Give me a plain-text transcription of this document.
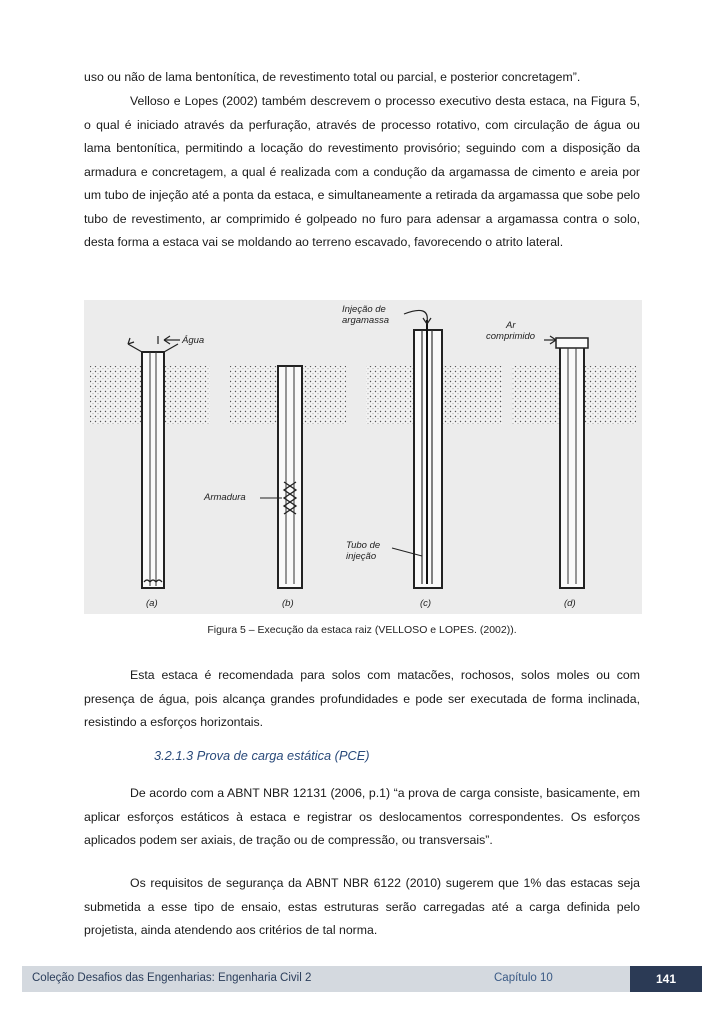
uso ou não de lama bentonítica, de revestimento total ou parcial, e posterior concretagem”.

Velloso e Lopes (2002) também descrevem o processo executivo desta estaca, na Figura 5, o qual é iniciado através da perfuração, através de processo rotativo, com circulação de água ou lama bentonítica, permitindo a locação do revestimento provisório; seguindo com a disposição da armadura e concretagem, a qual é realizada com a condução da argamassa de cimento e areia por um tubo de injeção até a ponta da estaca, e simultaneamente a retirada da argamassa que sobe pelo tubo de revestimento, ar comprimido é golpeado no furo para adensar a argamassa contra o solo, desta forma a estaca vai se moldando ao terreno escavado, favorecendo o atrito lateral.

Água
Armadura
Injeção de
argamassa	Ar
comprimido
Tubo de
injeção
(a)	(b)	(c)	(d)
Figura 5 – Execução da estaca raiz (VELLOSO e LOPES. (2002)).

Esta estaca é recomendada para solos com matacões, rochosos, solos moles ou com presença de água, pois alcança grandes profundidades e pode ser executada de forma inclinada, resistindo a esforços horizontais.

3.2.1.3 Prova de carga estática (PCE)

De acordo com a ABNT NBR 12131 (2006, p.1) “a prova de carga consiste, basicamente, em aplicar esforços estáticos à estaca e registrar os deslocamentos correspondentes. Os esforços aplicados podem ser axiais, de tração ou de compressão, ou transversais”.

Os requisitos de segurança da ABNT NBR 6122 (2010) sugerem que 1% das estacas seja submetida a esse tipo de ensaio, estas estruturas serão carregadas até a carga definida pelo projetista, ainda atendendo aos critérios de tal norma.

Coleção Desafios das Engenharias: Engenharia Civil 2	Capítulo 10	141
